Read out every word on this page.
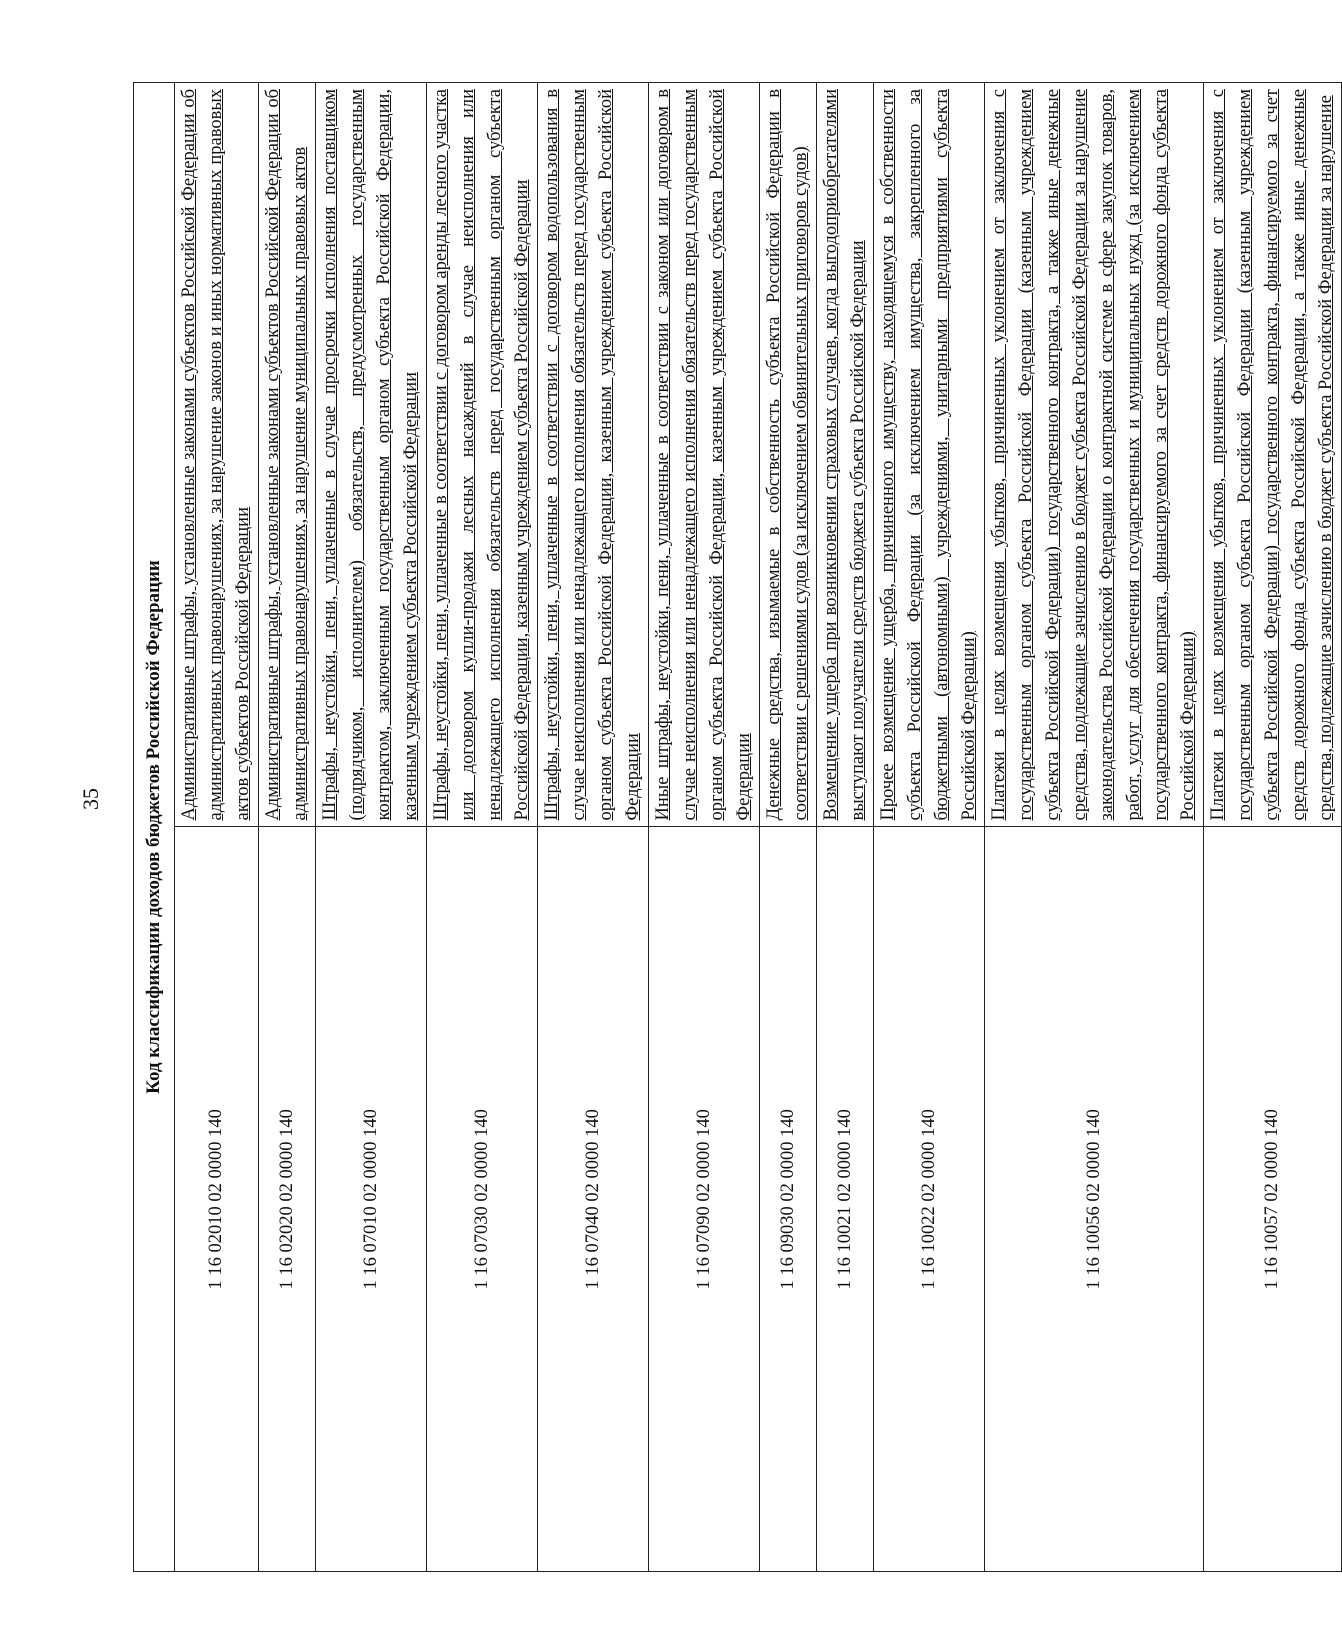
35 Код классификации доходов бюджетов Российской Федерации	
1 16 02010 02 0000 140	Административные штрафы, установленные законами субъектов Российской Федерации об административных правонарушениях, за нарушение законов и иных нормативных правовых актов субъектов Российской Федерации
1 16 02020 02 0000 140	Административные штрафы, установленные законами субъектов Российской Федерации об административных правонарушениях, за нарушение муниципальных правовых актов
1 16 07010 02 0000 140	Штрафы, неустойки, пени, уплаченные в случае просрочки исполнения поставщиком (подрядчиком, исполнителем) обязательств, предусмотренных государственным контрактом, заключенным государственным органом субъекта Российской Федерации, казенным учреждением субъекта Российской Федерации
1 16 07030 02 0000 140	Штрафы, неустойки, пени, уплаченные в соответствии с договором аренды лесного участка или договором купли-продажи лесных насаждений в случае неисполнения или ненадлежащего исполнения обязательств перед государственным органом субъекта Российской Федерации, казенным учреждением субъекта Российской Федерации
1 16 07040 02 0000 140	Штрафы, неустойки, пени, уплаченные в соответствии с договором водопользования в случае неисполнения или ненадлежащего исполнения обязательств перед государственным органом субъекта Российской Федерации, казенным учреждением субъекта Российской Федерации
1 16 07090 02 0000 140	Иные штрафы, неустойки, пени, уплаченные в соответствии с законом или договором в случае неисполнения или ненадлежащего исполнения обязательств перед государственным органом субъекта Российской Федерации, казенным учреждением субъекта Российской Федерации
1 16 09030 02 0000 140	Денежные средства, изымаемые в собственность субъекта Российской Федерации в соответствии с решениями судов (за исключением обвинительных приговоров судов)
1 16 10021 02 0000 140	Возмещение ущерба при возникновении страховых случаев, когда выгодоприобретателями выступают получатели средств бюджета субъекта Российской Федерации
1 16 10022 02 0000 140	Прочее возмещение ущерба, причиненного имуществу, находящемуся в собственности субъекта Российской Федерации (за исключением имущества, закрепленного за бюджетными (автономными) учреждениями, унитарными предприятиями субъекта Российской Федерации)
1 16 10056 02 0000 140	Платежи в целях возмещения убытков, причиненных уклонением от заключения с государственным органом субъекта Российской Федерации (казенным учреждением субъекта Российской Федерации) государственного контракта, а также иные денежные средства, подлежащие зачислению в бюджет субъекта Российской Федерации за нарушение законодательства Российской Федерации о контрактной системе в сфере закупок товаров, работ, услуг для обеспечения государственных и муниципальных нужд (за исключением государственного контракта, финансируемого за счет средств дорожного фонда субъекта Российской Федерации)
1 16 10057 02 0000 140	Платежи в целях возмещения убытков, причиненных уклонением от заключения с государственным органом субъекта Российской Федерации (казенным учреждением субъекта Российской Федерации) государственного контракта, финансируемого за счет средств дорожного фонда субъекта Российской Федерации, а также иные денежные средства, подлежащие зачислению в бюджет субъекта Российской Федерации за нарушение
